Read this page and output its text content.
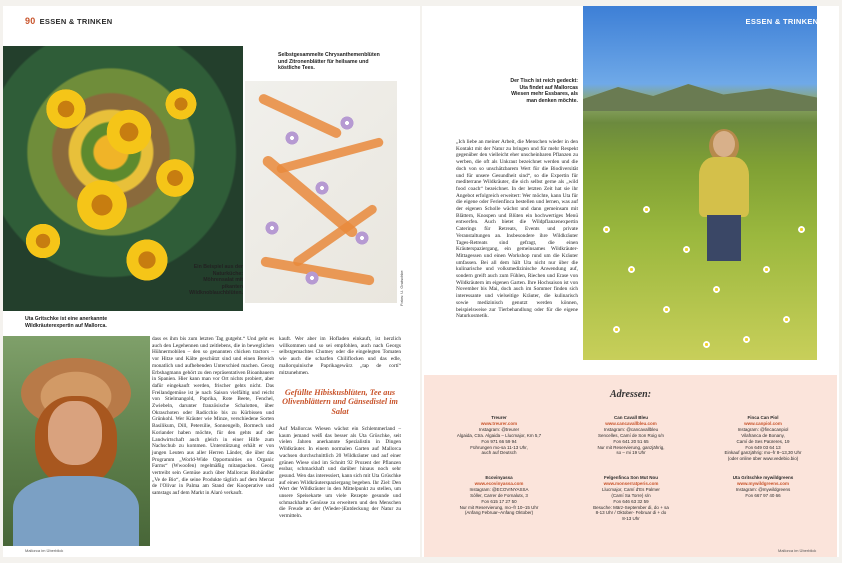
90 ESSEN & TRINKEN
Selbstgesammelte Chrysanthemenblüten und Zitronenblätter für heilsame und köstliche Tees.
Fotos: U. Grutschke
Ein Beispiel aus der Naturküche: Möhrensalat mit pikanten Wildknoblauchblüten.
Uta Gritschke ist eine anerkannte Wildkräuterexpertin auf Mallorca.

dass es ihm bis zum letzten Tag gutgeht.“ Und geht es auch den Legehennen und zeitlebens, die in beweglichen Hühnermobilen – den so genannten chicken tractors – vor Hitze und Kälte geschützt sind und einen Bereich monatlich und aufhebenden Unterschied machen. Georg Erbshagmann gehört zu den repräsentativen Bioanbauern in Spanien. Hier kann man vor Ort nichts probiert, aber dafür eingekauft werden, frischer gehts nicht. Das Freilandgemüse ist je nach Saison vielfältig und reicht von Stielmangold, Paprika, Rote Beete, Fenchel, Zwiebeln, darunter französische Schalotten, über Okraschoten oder Radicchio bis zu Kürbissen und Grünkohl. Wer Kräuter wie Minze, verschiedene Sorten Basilikum, Dill, Petersilie, Sonnengelb, Bormech und Koriander haben möchte, für den gehts auf der Landwirtschaft auch gleich in einer Hilfe zum Nachschub zu kommen. Unterstützung erhält er von jungen Leuten aus aller Herren Länder, die über das Programm „World-Wide Opportunities on Organic Farms“ (Wwoofen) regelmäßig mitanpacken. Georg vertreibt sein Gemüse auch über Mallorcas Biohändler „Ve de Bio“, die seine Produkte täglich auf dem Mercat de l'Olivar in Palma am Stand der Kooperative und samstags auf dem Markt in Alaró verkauft.

kauft. Wer aber im Hofladen einkauft, ist herzlich willkommen und so sei empfohlen, auch nach Georgs selbstgemachtes Chutney oder die eingelegten Tomaten wie auch die scharfen Chiliflocken und das edle, mallorquinische Paprikagewürz „tap de cortí“ mitzunehmen.

Gefüllte Hibiskusblüten, Tee aus Olivenblättern und Gänsedistel im Salat

Auf Mallorcas Wiesen wächst ein Schlemmerland – kaum jemand weiß das besser als Uta Grüschke, seit vielen Jahren anerkannte Spezialistin in Dingen Wildkräuter. In einem normalen Garten auf Mallorca wachsen durchschnittlich 20 Wildkräuter und auf einer grünen Wiese sind im Schnitt 92 Prozent der Pflanzen essbar, schmackhaft und darüber hinaus noch sehr gesund. Wen das interessiert, kann sich mit Uta Grüschke auf einen Wildkräuterspaziergang begeben. Ihr Ziel: Den Wert der Wildkräuter in den Mittelpunkt zu stellen, um unsere Speisekarte um viele Rezepte gesunde und schmackhafte Genüsse zu erweitern und den Menschen die Freude an der (Wieder-)Entdeckung der Natur zu vermitteln.

Mallorca im Überblick
ESSEN & TRINKEN 91
Der Tisch ist reich gedeckt: Uta findet auf Mallorcas Wiesen mehr Essbares, als man denken möchte.

„Ich liebe an meiner Arbeit, die Menschen wieder in den Kontakt mit der Natur zu bringen und für mehr Respekt gegenüber den vielleicht eher unscheinbaren Pflanzen zu werben, die oft als Unkraut bezeichnet werden und die doch von so unschätzbarem Wert für die Biodiversität und für unsere Gesundheit sind“, so die Expertin für mediterrane Wildkräuter, die sich selbst gerne als „wild food coach“ bezeichnet. In der letzten Zeit hat sie ihr Angebot erfolgreich erweitert: Wer möchte, kann Uta für die eigene oder Ferienfinca bestellen und lernen, was auf der eigenen Scholle wächst und dann gemeinsam mit Blättern, Knospen und Blüten ein hochwertiges Menü entwerfen. Auch bietet die Wildpflanzenexpertin Caterings für Retreats, Events und private Veranstaltungen an. Insbesondere ihre Wildkräuter Tages-Retreats sind gefragt, die einen Kräuterspaziergang, ein gemeinsames Wildkräuter-Mittagessen und einen Workshop rund um die Kräuter umfassen. Bei all dem hält Uta nicht nur über die kulinarische und volksmedizinische Anwendung auf, sondern greift auch zum Fühlen, Riechen und Erase von Wildkräutern im eigenen Garten. Ihre Hochsaison ist von November bis Mai, doch auch im Sommer finden sich interessante und vielseitige Kräuter, die kulinarisch sowie medizinisch genutzt werden können, beispielsweise zur Tierbehandlung oder für die eigene Naturkosmetik.

Adressen:
Treurer
www.treurer.com
Instagram: @treurer
Algaida, Ctra. Algaida – Llucmajor, Km 5,7
Fon 971 66 59 94
Führungen mo-sa 11-13 Uhr,
auch auf Deutsch
Can Cavall Bleu
www.cancavallbleu.com
Instagram: @cancavallbleu
Sencelles, Camí de Son Roig s/n
Fon 641 20 51 65
Nur mit Reservierung, ganzjährig,
so – mi 19 Uhr
Finca Can Piol
www.canpiol.com
Instagram: @fincacanpiol
Vilafranca de Bonany,
Camí de Ses Paüreres, 19
Fon 649 03 64 13
Einkauf ganzjährig: mo–fr 8–13,30 Uhr
(oder online über www.vedebio.bio)
Ecovinyassa
www.ecovinyassa.com
Instagram: @ECOVINYASSA
Sóller, Carrer de Fornalutx, 3
Fon 615 17 27 50
Nur mit Reservierung, mo–fr 10–15 Uhr
(Anfang Februar–Anfang Oktober)
Felgenfinca Son Mut Nou
www.monserratperis.com
Llucmajor, Camí d'Es Palmer
(Camí Sa Torre) s/n
Fon 646 63 32 59
Besuche: März-September di, do + sa
8-13 Uhr / Oktober- Februar di + do
8-13 Uhr
Uta Gritschke mywildgreens
www.mywildgreens.com
Instagram: @mywildgreens
Fon 667 97 40 66
Mallorca im Überblick
